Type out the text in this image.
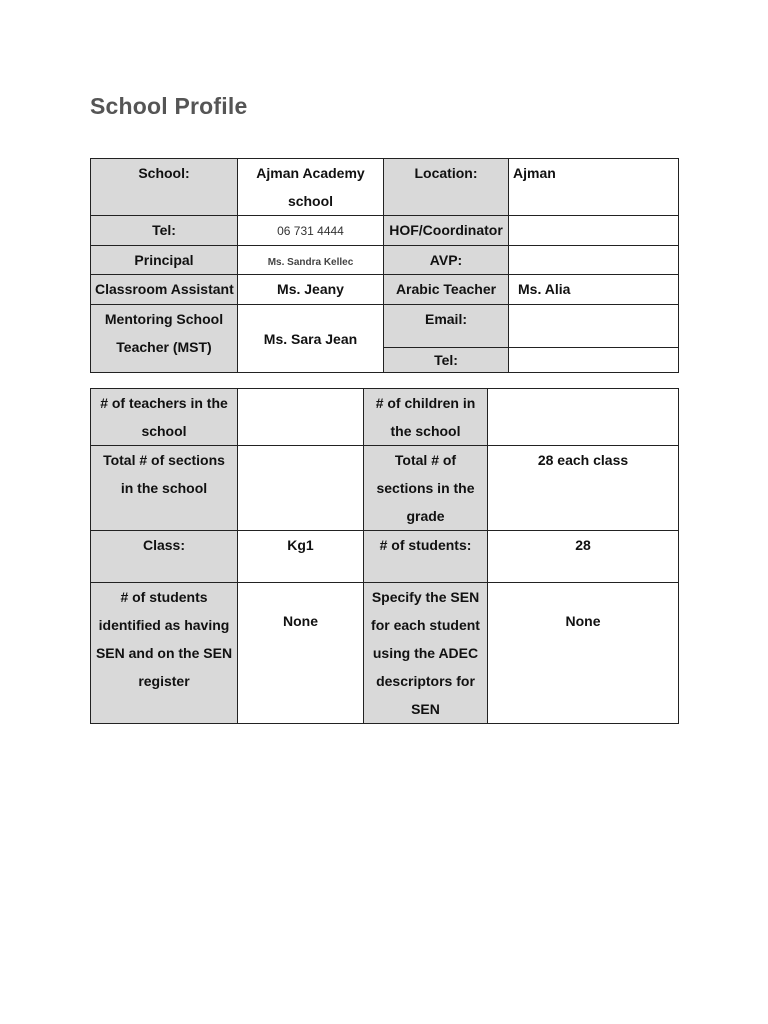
School Profile
School:	Ajman Academy school	Location:	Ajman
Tel:	06 731 4444	HOF/Coordinator	
Principal	Ms. Sandra Kellec	AVP:	
Classroom Assistant	Ms. Jeany	Arabic Teacher	Ms. Alia
Mentoring School Teacher (MST)	Ms. Sara Jean	Email:	
		Tel:	
# of teachers in the school		# of children in the school	
Total # of sections in the school		Total # of sections in the grade	28 each class
Class:	Kg1	# of students:	28
# of students identified as having SEN and on the SEN register	None	Specify the SEN for each student using the ADEC descriptors for SEN	None
